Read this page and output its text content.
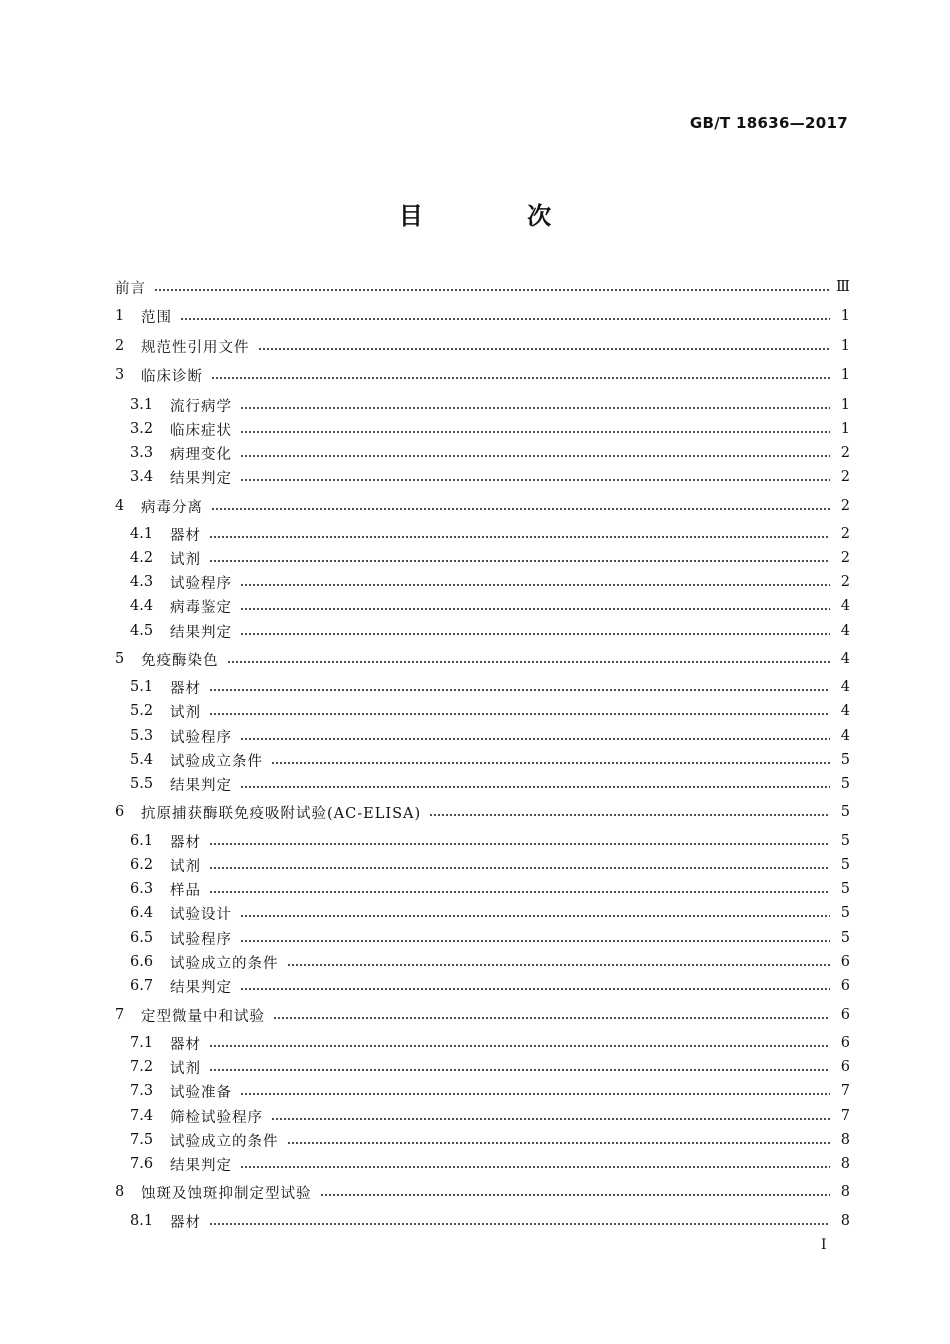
GB/T 18636—2017
目 次
前言	Ⅲ
1	范围	1
2	规范性引用文件	1
3	临床诊断	1
3.1	流行病学	1
3.2	临床症状	1
3.3	病理变化	2
3.4	结果判定	2
4	病毒分离	2
4.1	器材	2
4.2	试剂	2
4.3	试验程序	2
4.4	病毒鉴定	4
4.5	结果判定	4
5	免疫酶染色	4
5.1	器材	4
5.2	试剂	4
5.3	试验程序	4
5.4	试验成立条件	5
5.5	结果判定	5
6	抗原捕获酶联免疫吸附试验(AC-ELISA)	5
6.1	器材	5
6.2	试剂	5
6.3	样品	5
6.4	试验设计	5
6.5	试验程序	5
6.6	试验成立的条件	6
6.7	结果判定	6
7	定型微量中和试验	6
7.1	器材	6
7.2	试剂	6
7.3	试验准备	7
7.4	筛检试验程序	7
7.5	试验成立的条件	8
7.6	结果判定	8
8	蚀斑及蚀斑抑制定型试验	8
8.1	器材	8
I
